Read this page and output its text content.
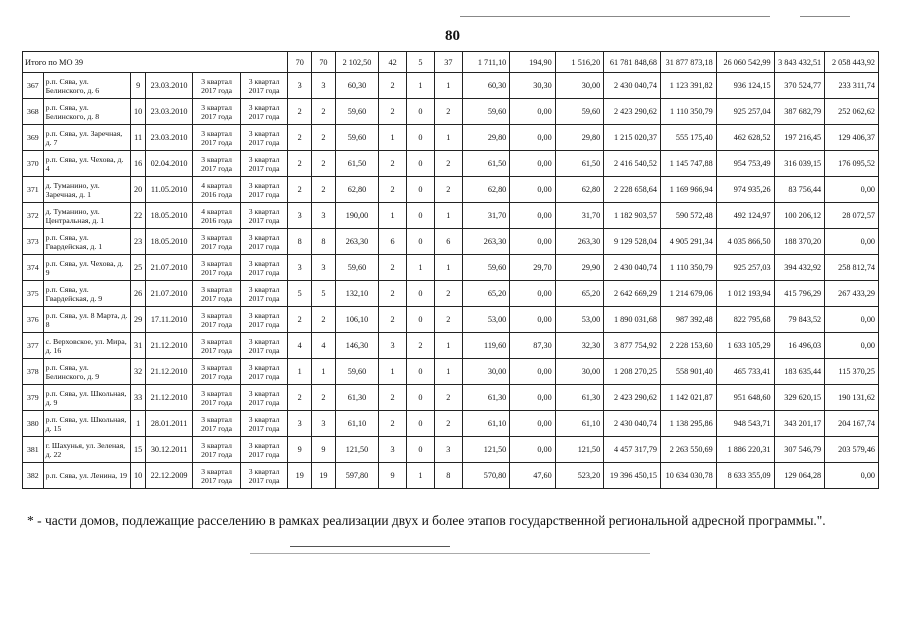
80
Итого по МО 39						70	70	2 102,50	42	5	37	1 711,10	194,90	1 516,20	61 781 848,68	31 877 873,18	26 060 542,99	3 843 432,51	2 058 443,92
367	р.п. Сява, ул. Белинского, д. 6	9	23.03.2010	3 квартал 2017 года	3 квартал 2017 года	3	3	60,30	2	1	1	60,30	30,30	30,00	2 430 040,74	1 123 391,82	936 124,15	370 524,77	233 311,74
368	р.п. Сява, ул. Белинского, д. 8	10	23.03.2010	3 квартал 2017 года	3 квартал 2017 года	2	2	59,60	2	0	2	59,60	0,00	59,60	2 423 290,62	1 110 350,79	925 257,04	387 682,79	252 062,62
369	р.п. Сява, ул. Заречная, д. 7	11	23.03.2010	3 квартал 2017 года	3 квартал 2017 года	2	2	59,60	1	0	1	29,80	0,00	29,80	1 215 020,37	555 175,40	462 628,52	197 216,45	129 406,37
370	р.п. Сява, ул. Чехова, д. 4	16	02.04.2010	3 квартал 2017 года	3 квартал 2017 года	2	2	61,50	2	0	2	61,50	0,00	61,50	2 416 540,52	1 145 747,88	954 753,49	316 039,15	176 095,52
371	д. Туманино, ул. Заречная, д. 1	20	11.05.2010	4 квартал 2016 года	3 квартал 2017 года	2	2	62,80	2	0	2	62,80	0,00	62,80	2 228 658,64	1 169 966,94	974 935,26	83 756,44	0,00
372	д. Туманино, ул. Центральная, д. 1	22	18.05.2010	4 квартал 2016 года	3 квартал 2017 года	3	3	190,00	1	0	1	31,70	0,00	31,70	1 182 903,57	590 572,48	492 124,97	100 206,12	28 072,57
373	р.п. Сява, ул. Гвардейская, д. 1	23	18.05.2010	3 квартал 2017 года	3 квартал 2017 года	8	8	263,30	6	0	6	263,30	0,00	263,30	9 129 528,04	4 905 291,34	4 035 866,50	188 370,20	0,00
374	р.п. Сява, ул. Чехова, д. 9	25	21.07.2010	3 квартал 2017 года	3 квартал 2017 года	3	3	59,60	2	1	1	59,60	29,70	29,90	2 430 040,74	1 110 350,79	925 257,03	394 432,92	258 812,74
375	р.п. Сява, ул. Гвардейская, д. 9	26	21.07.2010	3 квартал 2017 года	3 квартал 2017 года	5	5	132,10	2	0	2	65,20	0,00	65,20	2 642 669,29	1 214 679,06	1 012 193,94	415 796,29	267 433,29
376	р.п. Сява, ул. 8 Марта, д. 8	29	17.11.2010	3 квартал 2017 года	3 квартал 2017 года	2	2	106,10	2	0	2	53,00	0,00	53,00	1 890 031,68	987 392,48	822 795,68	79 843,52	0,00
377	с. Верховское, ул. Мира, д. 16	31	21.12.2010	3 квартал 2017 года	3 квартал 2017 года	4	4	146,30	3	2	1	119,60	87,30	32,30	3 877 754,92	2 228 153,60	1 633 105,29	16 496,03	0,00
378	р.п. Сява, ул. Белинского, д. 9	32	21.12.2010	3 квартал 2017 года	3 квартал 2017 года	1	1	59,60	1	0	1	30,00	0,00	30,00	1 208 270,25	558 901,40	465 733,41	183 635,44	115 370,25
379	р.п. Сява, ул. Школьная, д. 9	33	21.12.2010	3 квартал 2017 года	3 квартал 2017 года	2	2	61,30	2	0	2	61,30	0,00	61,30	2 423 290,62	1 142 021,87	951 648,60	329 620,15	190 131,62
380	р.п. Сява, ул. Школьная, д. 15	1	28.01.2011	3 квартал 2017 года	3 квартал 2017 года	3	3	61,10	2	0	2	61,10	0,00	61,10	2 430 040,74	1 138 295,86	948 543,71	343 201,17	204 167,74
381	г. Шахунья, ул. Зеленая, д. 22	15	30.12.2011	3 квартал 2017 года	3 квартал 2017 года	9	9	121,50	3	0	3	121,50	0,00	121,50	4 457 317,79	2 263 550,69	1 886 220,31	307 546,79	203 579,46
382	р.п. Сява, ул. Ленина, 19	10	22.12.2009	3 квартал 2017 года	3 квартал 2017 года	19	19	597,80	9	1	8	570,80	47,60	523,20	19 396 450,15	10 634 030,78	8 633 355,09	129 064,28	0,00
* - части домов, подлежащие расселению в рамках реализации двух и более этапов государственной региональной адресной программы.".
